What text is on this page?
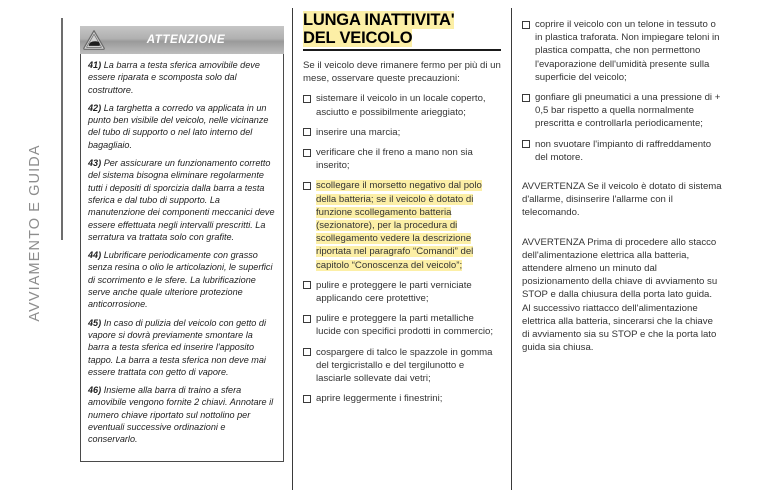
AVVIAMENTO E GUIDA
ATTENZIONE

41) La barra a testa sferica amovibile deve essere riparata e scomposta solo dal costruttore.

42) La targhetta a corredo va applicata in un punto ben visibile del veicolo, nelle vicinanze del tubo di supporto o nel lato interno del bagagliaio.

43) Per assicurare un funzionamento corretto del sistema bisogna eliminare regolarmente tutti i depositi di sporcizia dalla barra a testa sferica e dal tubo di supporto. La manutenzione dei componenti meccanici deve essere effettuata negli intervalli prescritti. La serratura va trattata solo con grafite.

44) Lubrificare periodicamente con grasso senza resina o olio le articolazioni, le superfici di scorrimento e le sfere. La lubrificazione serve anche quale ulteriore protezione anticorrosione.

45) In caso di pulizia del veicolo con getto di vapore si dovrà previamente smontare la barra a testa sferica ed inserire l'apposito tappo. La barra a testa sferica non deve mai essere trattata con getto di vapore.

46) Insieme alla barra di traino a sfera amovibile vengono fornite 2 chiavi. Annotare il numero chiave riportato sul nottolino per eventuali successive ordinazioni e conservarlo.

LUNGA INATTIVITA'
DEL VEICOLO

Se il veicolo deve rimanere fermo per più di un mese, osservare queste precauzioni:

sistemare il veicolo in un locale coperto, asciutto e possibilmente arieggiato;

inserire una marcia;

verificare che il freno a mano non sia inserito;

scollegare il morsetto negativo dal polo della batteria; se il veicolo è dotato di funzione scollegamento batteria (sezionatore), per la procedura di scollegamento vedere la descrizione riportata nel paragrafo “Comandi” del capitolo “Conoscenza del veicolo”;

pulire e proteggere le parti verniciate applicando cere protettive;

pulire e proteggere la parti metalliche lucide con specifici prodotti in commercio;

cospargere di talco le spazzole in gomma del tergicristallo e del tergilunotto e lasciarle sollevate dai vetri;

aprire leggermente i finestrini;

coprire il veicolo con un telone in tessuto o in plastica traforata. Non impiegare teloni in plastica compatta, che non permettono l'evaporazione dell'umidità presente sulla superficie del veicolo;

gonfiare gli pneumatici a una pressione di + 0,5 bar rispetto a quella normalmente prescritta e controllarla periodicamente;

non svuotare l'impianto di raffreddamento del motore.

AVVERTENZA Se il veicolo è dotato di sistema d'allarme, disinserire l'allarme con il telecomando.

AVVERTENZA Prima di procedere allo stacco dell'alimentazione elettrica alla batteria, attendere almeno un minuto dal posizionamento della chiave di avviamento su STOP e dalla chiusura della porta lato guida. Al successivo riattacco dell'alimentazione elettrica alla batteria, sincerarsi che la chiave di avviamento sia su STOP e che la porta lato guida sia chiusa.
